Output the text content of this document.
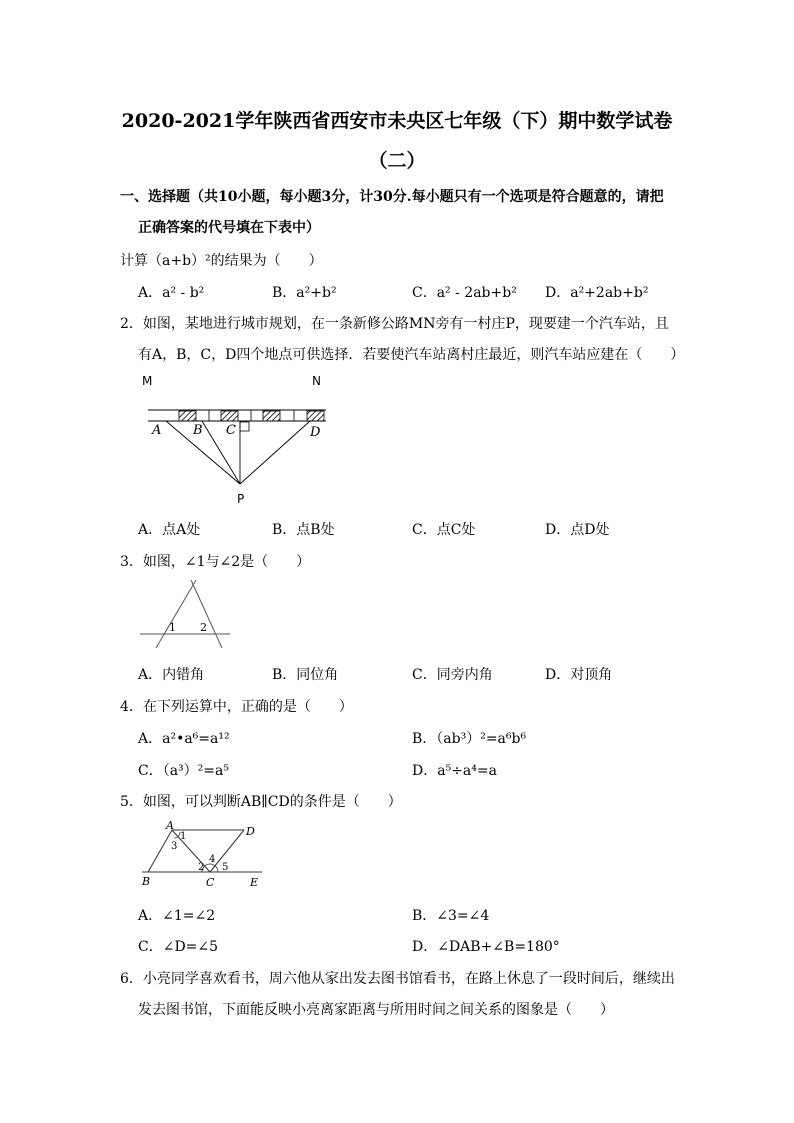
2020-2021学年陕西省西安市未央区七年级（下）期中数学试卷
（二）
一、选择题（共10小题，每小题3分，计30分.每小题只有一个选项是符合题意的，请把
正确答案的代号填在下表中）
计算（a+b）²的结果为（　　）
A．a² - b²	B．a²+b²	C．a² - 2ab+b² D．a²+2ab+b²
2．如图，某地进行城市规划，在一条新修公路MN旁有一村庄P，现要建一个汽车站，且
有A，B，C，D四个地点可供选择．若要使汽车站离村庄最近，则汽车站应建在（　　）
M	N
A B C	D
P
A．点A处	B．点B处	C．点C处	D．点D处
3．如图，∠1与∠2是（　　）
1 2
A．内错角	B．同位角	C．同旁内角	D．对顶角
4．在下列运算中，正确的是（　　）
A．a²•a⁶=a¹²	B．（ab³）²=a⁶b⁶
C．（a³）²=a⁵	D．a⁵÷a⁴=a
5．如图，可以判断AB∥CD的条件是（　　）
A	D
B	C	E
1
3
4
2 5
A．∠1=∠2	B．∠3=∠4
C．∠D=∠5	D．∠DAB+∠B=180°
6．小亮同学喜欢看书，周六他从家出发去图书馆看书，在路上休息了一段时间后，继续出
发去图书馆，下面能反映小亮离家距离与所用时间之间关系的图象是（　　）
